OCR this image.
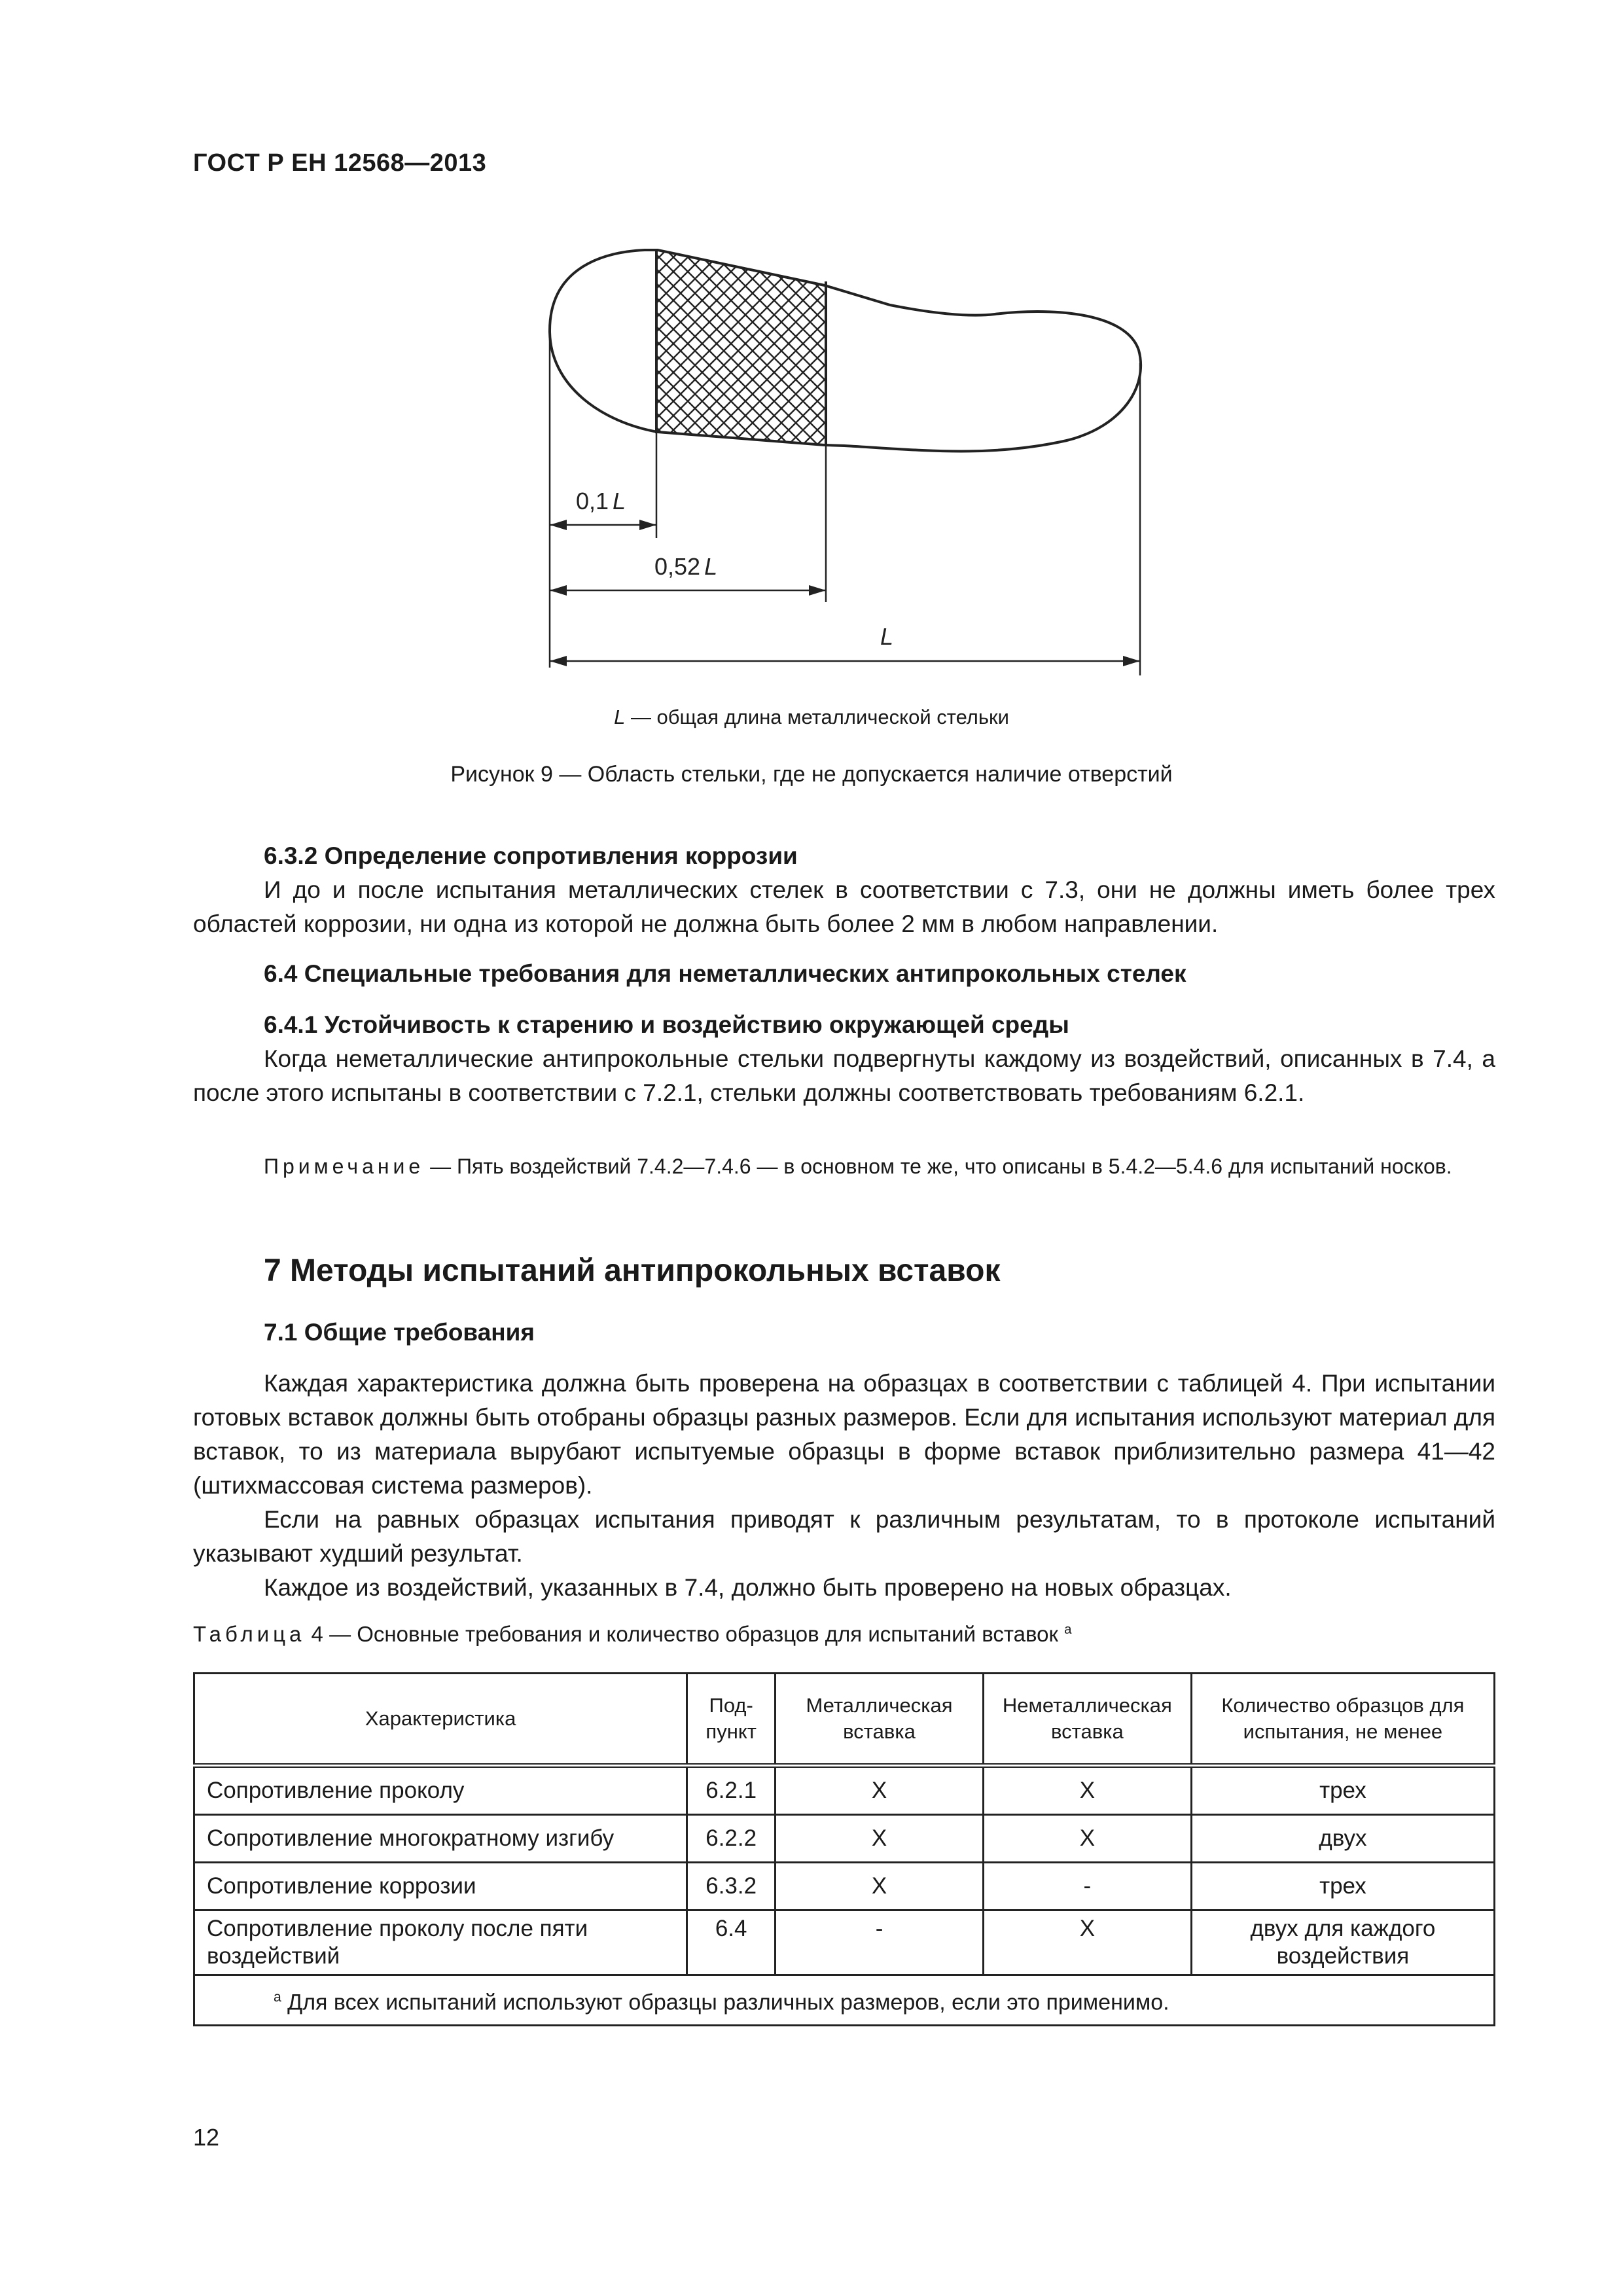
ГОСТ Р ЕН 12568—2013
0,1 L
0,52 L
L
L — общая длина металлической стельки
Рисунок 9 — Область стельки, где не допускается наличие отверстий

6.3.2 Определение сопротивления коррозии

И до и после испытания металлических стелек в соответствии с 7.3, они не должны иметь более трех областей коррозии, ни одна из которой не должна быть более 2 мм в любом направлении.

6.4 Специальные требования для неметаллических антипрокольных стелек

6.4.1 Устойчивость к старению и воздействию окружающей среды

Когда неметаллические антипрокольные стельки подвергнуты каждому из воздействий, описанных в 7.4, а после этого испытаны в соответствии с 7.2.1, стельки должны соответствовать требованиям 6.2.1.

Примечание — Пять воздействий 7.4.2—7.4.6 — в основном те же, что описаны в 5.4.2—5.4.6 для испытаний носков.

7 Методы испытаний антипрокольных вставок

7.1 Общие требования

Каждая характеристика должна быть проверена на образцах в соответствии с таблицей 4. При испытании готовых вставок должны быть отобраны образцы разных размеров. Если для испытания используют материал для вставок, то из материала вырубают испытуемые образцы в форме вставок приблизительно размера 41—42 (штихмассовая система размеров).

Если на равных образцах испытания приводят к различным результатам, то в протоколе испытаний указывают худший результат.

Каждое из воздействий, указанных в 7.4, должно быть проверено на новых образцах.

Таблица 4 — Основные требования и количество образцов для испытаний вставок $^а$
Характеристика	Под-пункт	Металлическая вставка	Неметаллическая вставка	Количество образцов для испытания, не менее
Сопротивление проколу	6.2.1	X	X	трех
Сопротивление многократному изгибу	6.2.2	X	X	двух
Сопротивление коррозии	6.3.2	X	-	трех
Сопротивление проколу после пяти воздействий	6.4	-	X	двух для каждого воздействия
$^а$ Для всех испытаний используют образцы различных размеров, если это применимо.				
12
